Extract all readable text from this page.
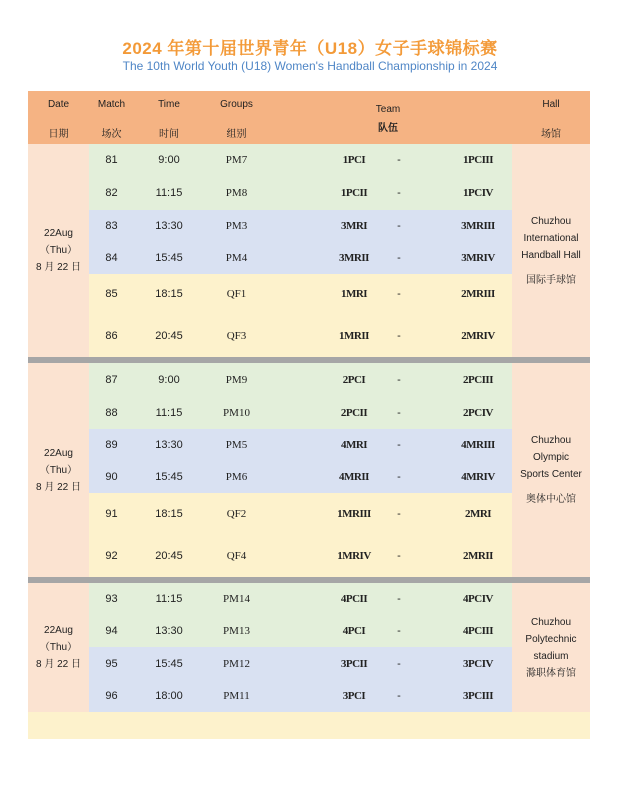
2024 年第十届世界青年（U18）女子手球锦标赛
The 10th World Youth (U18) Women's Handball Championship in 2024
Date
日期
Match
场次
Time
时间
Groups
组别
Team
队伍
Hall
场馆
22Aug
（Thu）
8 月 22 日
81	9:00	PM7	1PCI	-	1PCIII
82	11:15	PM8	1PCII	-	1PCIV
83	13:30	PM3	3MRI	-	3MRIII
84	15:45	PM4	3MRII	-	3MRIV
85	18:15	QF1	1MRI	-	2MRIII
86	20:45	QF3	1MRII	-	2MRIV
Chuzhou
International
Handball Hall
国际手球馆
22Aug
（Thu）
8 月 22 日
87	9:00	PM9	2PCI	-	2PCIII
88	11:15	PM10	2PCII	-	2PCIV
89	13:30	PM5	4MRI	-	4MRIII
90	15:45	PM6	4MRII	-	4MRIV
91	18:15	QF2	1MRIII	-	2MRI
92	20:45	QF4	1MRIV	-	2MRII
Chuzhou
Olympic
Sports Center
奥体中心馆
22Aug
（Thu）
8 月 22 日
93	11:15	PM14	4PCII	-	4PCIV
94	13:30	PM13	4PCI	-	4PCIII
95	15:45	PM12	3PCII	-	3PCIV
96	18:00	PM11	3PCI	-	3PCIII
Chuzhou
Polytechnic
stadium
滁职体育馆
